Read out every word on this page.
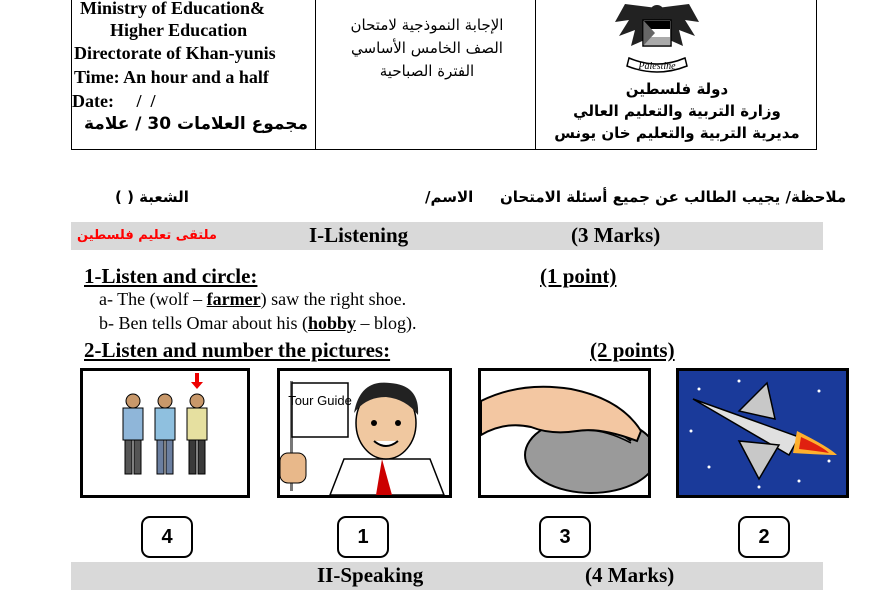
Ministry of Education&
Higher Education
Directorate of Khan-yunis
Time: An hour and a half
Date:     /  /
مجموع العلامات 30 / علامة
الإجابة النموذجية لامتحان
الصف الخامس الأساسي
الفترة الصباحية	Palestine
دولة فلسطين
وزارة التربية والتعليم العالي
مديرية التربية والتعليم خان يونس
ملاحظة/ يجيب الطالب عن جميع أسئلة الامتحان
الاسم/
الشعبة ( )
ملتقى تعليم فلسطين	I-Listening	(3 Marks)
1-Listen and circle:	(1 point)
a- The (wolf – farmer) saw the right shoe.
b- Ben tells Omar about his (hobby – blog).
2-Listen and number the pictures:	(2 points)
Tour Guide
4	1	3	2
II-Speaking	(4 Marks)
